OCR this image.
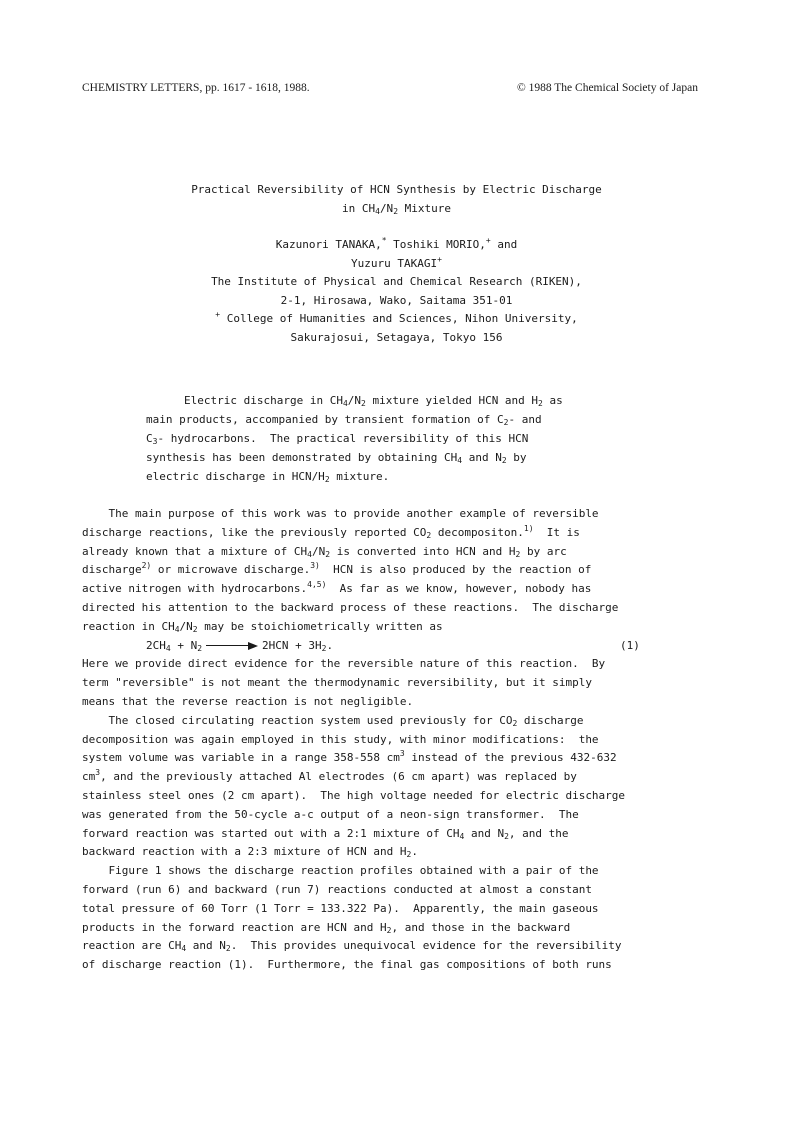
CHEMISTRY LETTERS, pp. 1617 - 1618, 1988.	© 1988 The Chemical Society of Japan
Practical Reversibility of HCN Synthesis by Electric Discharge
in $CH_4/N_2$ Mixture
Kazunori TANAKA,* Toshiki MORIO,+ and
Yuzuru TAKAGI+
The Institute of Physical and Chemical Research (RIKEN),
2-1, Hirosawa, Wako, Saitama 351-01
+ College of Humanities and Sciences, Nihon University,
Sakurajosui, Setagaya, Tokyo 156
Electric discharge in $CH_4/N_2$ mixture yielded HCN and $H_2$ as
main products, accompanied by transient formation of $C_2-$ and
$C_3-$ hydrocarbons.  The practical reversibility of this HCN
synthesis has been demonstrated by obtaining $CH_4$ and $N_2$ by
electric discharge in HCN/$H_2$ mixture.
The main purpose of this work was to provide another example of reversible
discharge reactions, like the previously reported $CO_2$ decompositon.$^{1)}$  It is
already known that a mixture of $CH_4/N_2$ is converted into HCN and $H_2$ by arc
discharge$^{2)}$ or microwave discharge.$^{3)}$  HCN is also produced by the reaction of
active nitrogen with hydrocarbons.$^{4,5)}$  As far as we know, however, nobody has
directed his attention to the backward process of these reactions.  The discharge
reaction in $CH_4/N_2$ may be stoichiometrically written as
$2CH_4 + N_2$	$2HCN + 3H_2$.	(1)
Here we provide direct evidence for the reversible nature of this reaction.  By
term "reversible" is not meant the thermodynamic reversibility, but it simply
means that the reverse reaction is not negligible.
The closed circulating reaction system used previously for $CO_2$ discharge
decomposition was again employed in this study, with minor modifications:  the
system volume was variable in a range 358-558 $cm^3$ instead of the previous 432-632
$cm^3$, and the previously attached Al electrodes (6 cm apart) was replaced by
stainless steel ones (2 cm apart).  The high voltage needed for electric discharge
was generated from the 50-cycle a-c output of a neon-sign transformer.  The
forward reaction was started out with a 2:1 mixture of $CH_4$ and $N_2$, and the
backward reaction with a 2:3 mixture of HCN and $H_2$.
Figure 1 shows the discharge reaction profiles obtained with a pair of the
forward (run 6) and backward (run 7) reactions conducted at almost a constant
total pressure of 60 Torr (1 Torr = 133.322 Pa).  Apparently, the main gaseous
products in the forward reaction are HCN and $H_2$, and those in the backward
reaction are $CH_4$ and $N_2$.  This provides unequivocal evidence for the reversibility
of discharge reaction (1).  Furthermore, the final gas compositions of both runs
